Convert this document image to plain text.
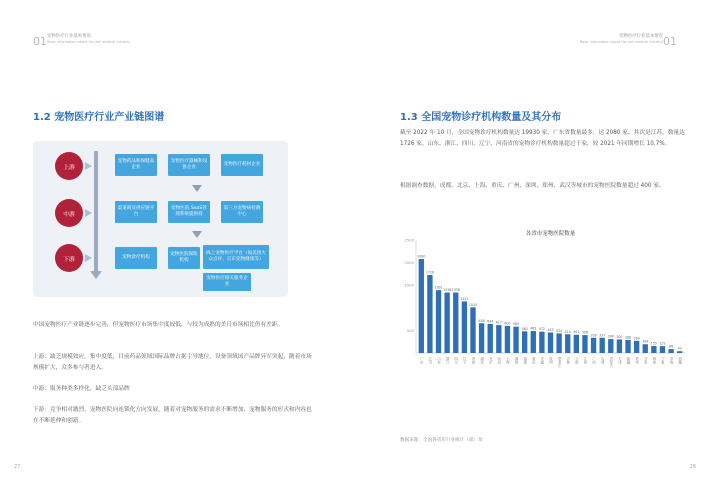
01 宠物医疗行业基本情况
Basic information about the pet medical industry
1.2 宠物医疗行业产业链图谱
上游
中游
下游
宠物药品和保健品企业
宠物医疗器械和设备企业
宠物医疗耗材企业
渠道商及供应链平台
宠物医院 SaaS管理系统提供商
第三方宠物病检测中心
宠物诊疗机构
宠物医院保险机构
线上宠物医疗平台（如美团大众点评、京东宠物健康等）
宠物医疗相关服务企业
中国宠物医疗产业链逐步完善，但宠物医疗市场集中度较低，与较为成熟的美日市场相比仍有差距。
上游：缺乏规模效应，集中度低，目前药品领域国际品牌占据主导地位，设备领域国产品牌异军突起，随着市场规模扩大，众多参与者进入。
中游：服务种类多样化，缺乏头部品牌
下游：竞争相对激烈，宠物医院向连锁化方向发展，随着对宠物服务的需求不断增加，宠物服务的形式和内容也在不断延伸和创新。
27
01
宠物医疗行业基本情况
Basic information about the pet medical industry
1.3 全国宠物诊疗机构数量及其分布
截至 2022 年 10 月，全国宠物诊疗机构数量达 19930 家，广东省数量最多，达 2080 家，其次是江苏，数量达 1726 家，山东、浙江、四川、辽宁、河南省的宠物诊疗机构数量超过千家，较 2021 年同期增长 10.7%。
根据调查数据，成都、北京、上海、重庆、广州、深圳、郑州、武汉等城市的宠物医院数量超过 400 家。
28
各省市宠物医院数量
500
1500
2000
2500
2080
广东
1726
江苏
1391
山东
1338
浙江
1338
四川
1141
辽宁
1010
河南
658
湖北
644
北京
617
河北
600
上海
583
湖南
480
福建
485
重庆
472
安徽
453
陕西
434
黑龙江
414
吉林
404
云南
396
江西
336
广西
337
山西
308
内蒙古
300
天津
288
新疆
269
贵州
194
甘肃
155
海南
152
宁夏
86
青海
40
西藏
数据来源：全国各省市行业统计（部）址
